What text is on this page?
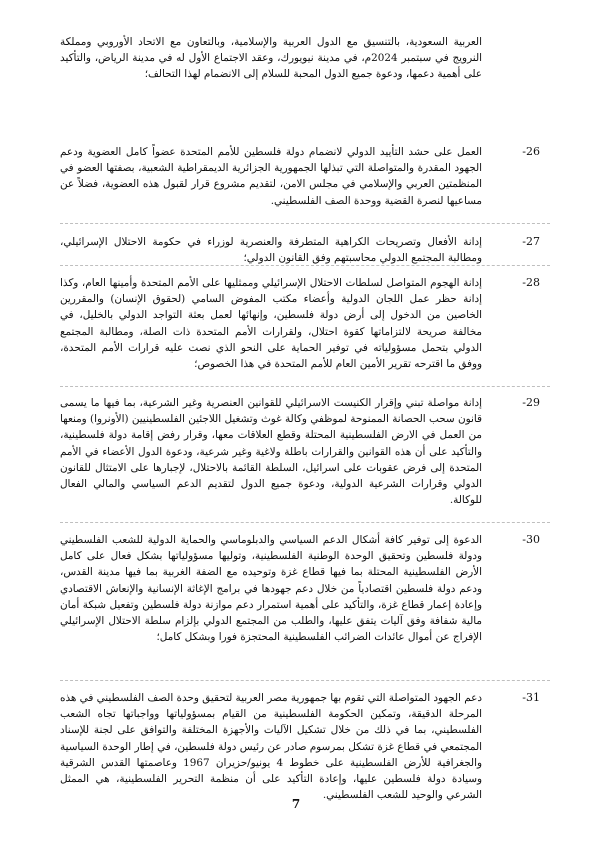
العربية السعودية، بالتنسيق مع الدول العربية والإسلامية، وبالتعاون مع الاتحاد الأوروبي ومملكة النرويج في سبتمبر 2024م، في مدينة نيويورك، وعقد الاجتماع الأول له في مدينة الرياض، والتأكيد على أهمية دعمها، ودعوة جميع الدول المحبة للسلام إلى الانضمام لهذا التحالف؛

العمل على حشد التأييد الدولي لانضمام دولة فلسطين للأمم المتحدة عضواً كامل العضوية ودعم الجهود المقدرة والمتواصلة التي تبذلها الجمهورية الجزائرية الديمقراطية الشعبية، بصفتها العضو في المنظمتين العربي والإسلامي في مجلس الامن، لتقديم مشروع قرار لقبول هذه العضوية، فضلاً عن مساعيها لنصرة القضية ووحدة الصف الفلسطيني.

-26

إدانة الأفعال وتصريحات الكراهية المتطرفة والعنصرية لوزراء في حكومة الاحتلال الإسرائيلي، ومطالبة المجتمع الدولي محاسبتهم وفق القانون الدولي؛

-27

إدانة الهجوم المتواصل لسلطات الاحتلال الإسرائيلي وممثليها على الأمم المتحدة وأمينها العام، وكذا إدانة حظر عمل اللجان الدولية وأعضاء مكتب المفوض السامي (لحقوق الإنسان) والمقررين الخاصين من الدخول إلى أرض دولة فلسطين، وإنهائها لعمل بعثة التواجد الدولي بالخليل، في مخالفة صريحة لالتزاماتها كقوة احتلال، ولقرارات الأمم المتحدة ذات الصلة، ومطالبة المجتمع الدولي بتحمل مسؤولياته في توفير الحماية على النحو الذي نصت عليه قرارات الأمم المتحدة، ووفق ما اقترحه تقرير الأمين العام للأمم المتحدة في هذا الخصوص؛

-28

إدانة مواصلة تبني وإقرار الكنيست الاسرائيلي للقوانين العنصرية وغير الشرعية، بما فيها ما يسمى قانون سحب الحصانة الممنوحة لموظفي وكالة غوث وتشغيل اللاجئين الفلسطينيين (الأونروا) ومنعها من العمل في الارض الفلسطينية المحتلة وقطع العلاقات معها، وقرار رفض إقامة دولة فلسطينية، والتأكيد على أن هذه القوانين والقرارات باطلة ولاغية وغير شرعية، ودعوة الدول الأعضاء في الأمم المتحدة إلى فرض عقوبات على اسرائيل، السلطة القائمة بالاحتلال، لإجبارها على الامتثال للقانون الدولي وقرارات الشرعية الدولية، ودعوة جميع الدول لتقديم الدعم السياسي والمالي الفعال للوكالة.

-29

الدعوة إلى توفير كافة أشكال الدعم السياسي والدبلوماسي والحماية الدولية للشعب الفلسطيني ودولة فلسطين وتحقيق الوحدة الوطنية الفلسطينية، وتوليها مسؤولياتها بشكل فعال على كامل الأرض الفلسطينية المحتلة بما فيها قطاع غزة وتوحيده مع الضفة الغربية بما فيها مدينة القدس، ودعم دولة فلسطين اقتصادياً من خلال دعم جهودها في برامج الإغاثة الإنسانية والإنعاش الاقتصادي وإعادة إعمار قطاع غزة، والتأكيد على أهمية استمرار دعم موازنة دولة فلسطين وتفعيل شبكة أمان مالية شفافة وفق آليات يتفق عليها، والطلب من المجتمع الدولي بإلزام سلطة الاحتلال الإسرائيلي الإفراج عن أموال عائدات الضرائب الفلسطينية المحتجزة فورا وبشكل كامل؛

-30

دعم الجهود المتواصلة التي تقوم بها جمهورية مصر العربية لتحقيق وحدة الصف الفلسطيني في هذه المرحلة الدقيقة، وتمكين الحكومة الفلسطينية من القيام بمسؤولياتها وواجباتها تجاه الشعب الفلسطيني، بما في ذلك من خلال تشكيل الآليات والأجهزة المختلفة والتوافق على لجنة للإسناد المجتمعي في قطاع غزة تشكل بمرسوم صادر عن رئيس دولة فلسطين، في إطار الوحدة السياسية والجغرافية للأرض الفلسطينية على خطوط 4 يونيو/حزيران 1967 وعاصمتها القدس الشرقية وسيادة دولة فلسطين عليها، وإعادة التأكيد على أن منظمة التحرير الفلسطينية، هي الممثل الشرعي والوحيد للشعب الفلسطيني.

-31
7
